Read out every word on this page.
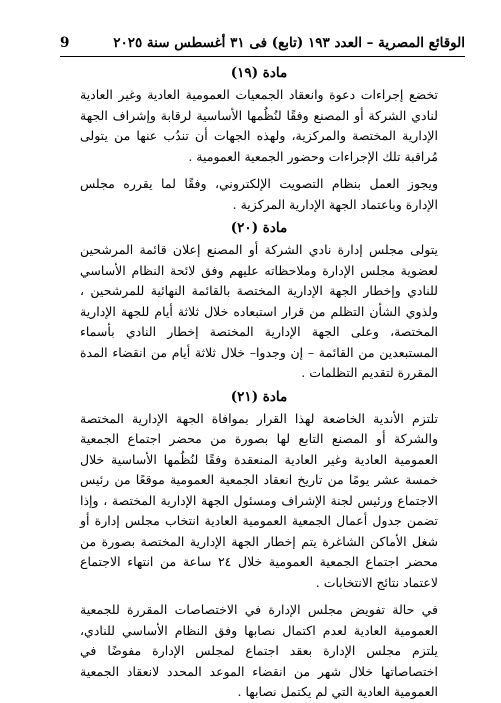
الوقائع المصرية – العدد ١٩٣ (تابع) فى ٣١ أغسطس سنة ٢٠٢٥
9

مادة (١٩)

تخضع إجراءات دعوة وانعقاد الجمعيات العمومية العادية وغير العادية لنادي الشركة أو المصنع وفقًا لنُظُمها الأساسية لرقابة وإشراف الجهة الإدارية المختصة والمركزية، ولهذه الجهات أن تندُب عنها من يتولى مُراقبة تلك الإجراءات وحضور الجمعية العمومية .

ويجوز العمل بنظام التصويت الإلكتروني، وفقًا لما يقرره مجلس الإدارة وباعتماد الجهة الإدارية المركزية .

مادة (٢٠)

يتولى مجلس إدارة نادي الشركة أو المصنع إعلان قائمة المرشحين لعضوية مجلس الإدارة وملاحظاته عليهم وفق لائحة النظام الأساسي للنادي وإخطار الجهة الإدارية المختصة بالقائمة النهائية للمرشحين ، ولذوي الشأن التظلم من قرار استبعاده خلال ثلاثة أيام للجهة الإدارية المختصة، وعلى الجهة الإدارية المختصة إخطار النادي بأسماء المستبعدين من القائمة – إن وجدوا– خلال ثلاثة أيام من انقضاء المدة المقررة لتقديم التظلمات .

مادة (٢١)

تلتزم الأندية الخاضعة لهذا القرار بموافاة الجهة الإدارية المختصة والشركة أو المصنع التابع لها بصورة من محضر اجتماع الجمعية العمومية العادية وغير العادية المنعقدة وفقًا لنُظُمها الأساسية خلال خمسة عشر يومًا من تاريخ انعقاد الجمعية العمومية موقعًا من رئيس الاجتماع ورئيس لجنة الإشراف ومسئول الجهة الإدارية المختصة ، وإذا تضمن جدول أعمال الجمعية العمومية العادية انتخاب مجلس إدارة أو شغل الأماكن الشاغرة يتم إخطار الجهة الإدارية المختصة بصورة من محضر اجتماع الجمعية العمومية خلال ٢٤ ساعة من انتهاء الاجتماع لاعتماد نتائج الانتخابات .

في حالة تفويض مجلس الإدارة في الاختصاصات المقررة للجمعية العمومية العادية لعدم اكتمال نصابها وفق النظام الأساسي للنادي، يلتزم مجلس الإدارة بعقد اجتماع لمجلس الإدارة مفوضًا في اختصاصاتها خلال شهر من انقضاء الموعد المحدد لانعقاد الجمعية العمومية العادية التي لم يكتمل نصابها .
